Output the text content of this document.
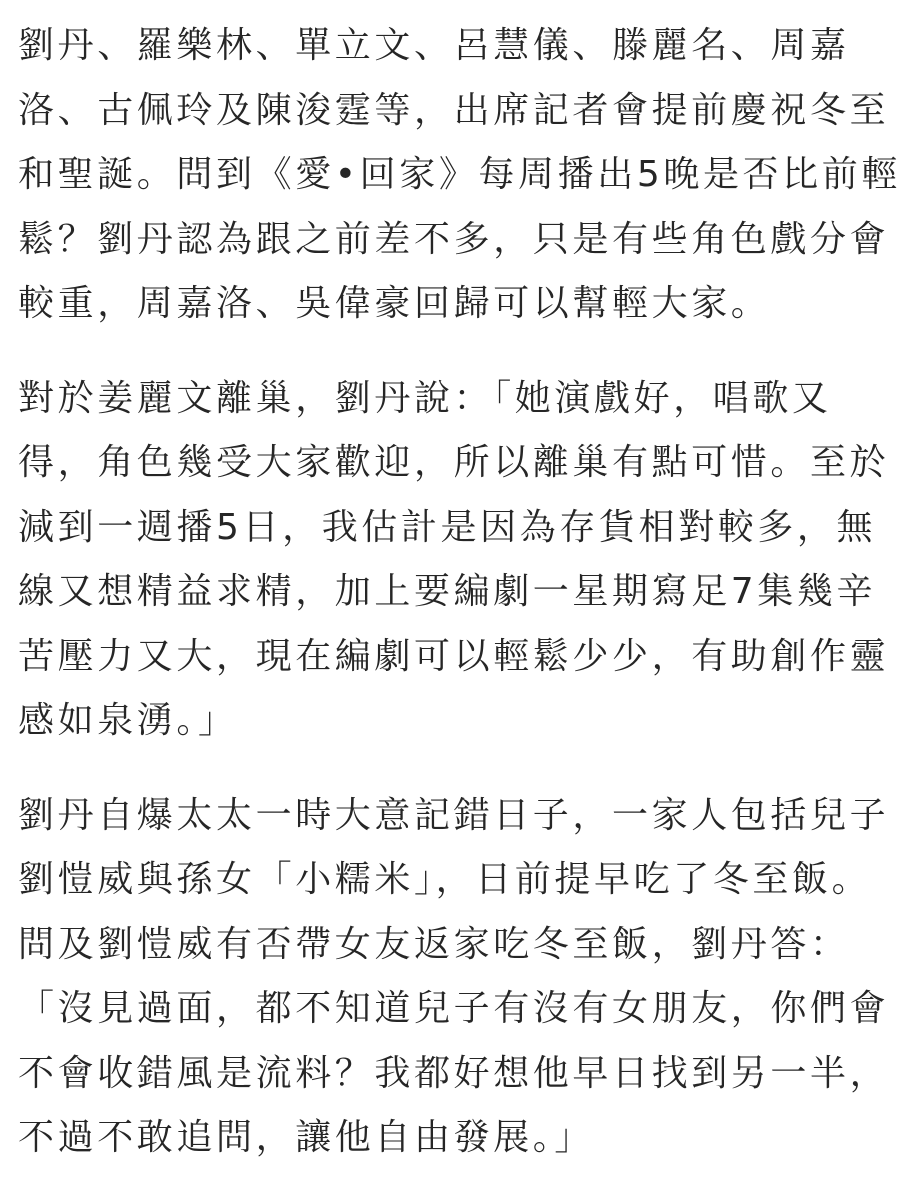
劉丹、羅樂林、單立文、呂慧儀、滕麗名、周嘉
洛、古佩玲及陳浚霆等，出席記者會提前慶祝冬至
和聖誕。問到《愛•回家》每周播出5晚是否比前輕
鬆？劉丹認為跟之前差不多，只是有些角色戲分會
較重，周嘉洛、吳偉豪回歸可以幫輕大家。
對於姜麗文離巢，劉丹說：「她演戲好，唱歌又
得，角色幾受大家歡迎，所以離巢有點可惜。至於
減到一週播5日，我估計是因為存貨相對較多，無
線又想精益求精，加上要編劇一星期寫足7集幾辛
苦壓力又大，現在編劇可以輕鬆少少，有助創作靈
感如泉湧。」
劉丹自爆太太一時大意記錯日子，一家人包括兒子
劉愷威與孫女「小糯米」，日前提早吃了冬至飯。
問及劉愷威有否帶女友返家吃冬至飯，劉丹答：
「沒見過面，都不知道兒子有沒有女朋友，你們會
不會收錯風是流料？我都好想他早日找到另一半，
不過不敢追問，讓他自由發展。」
